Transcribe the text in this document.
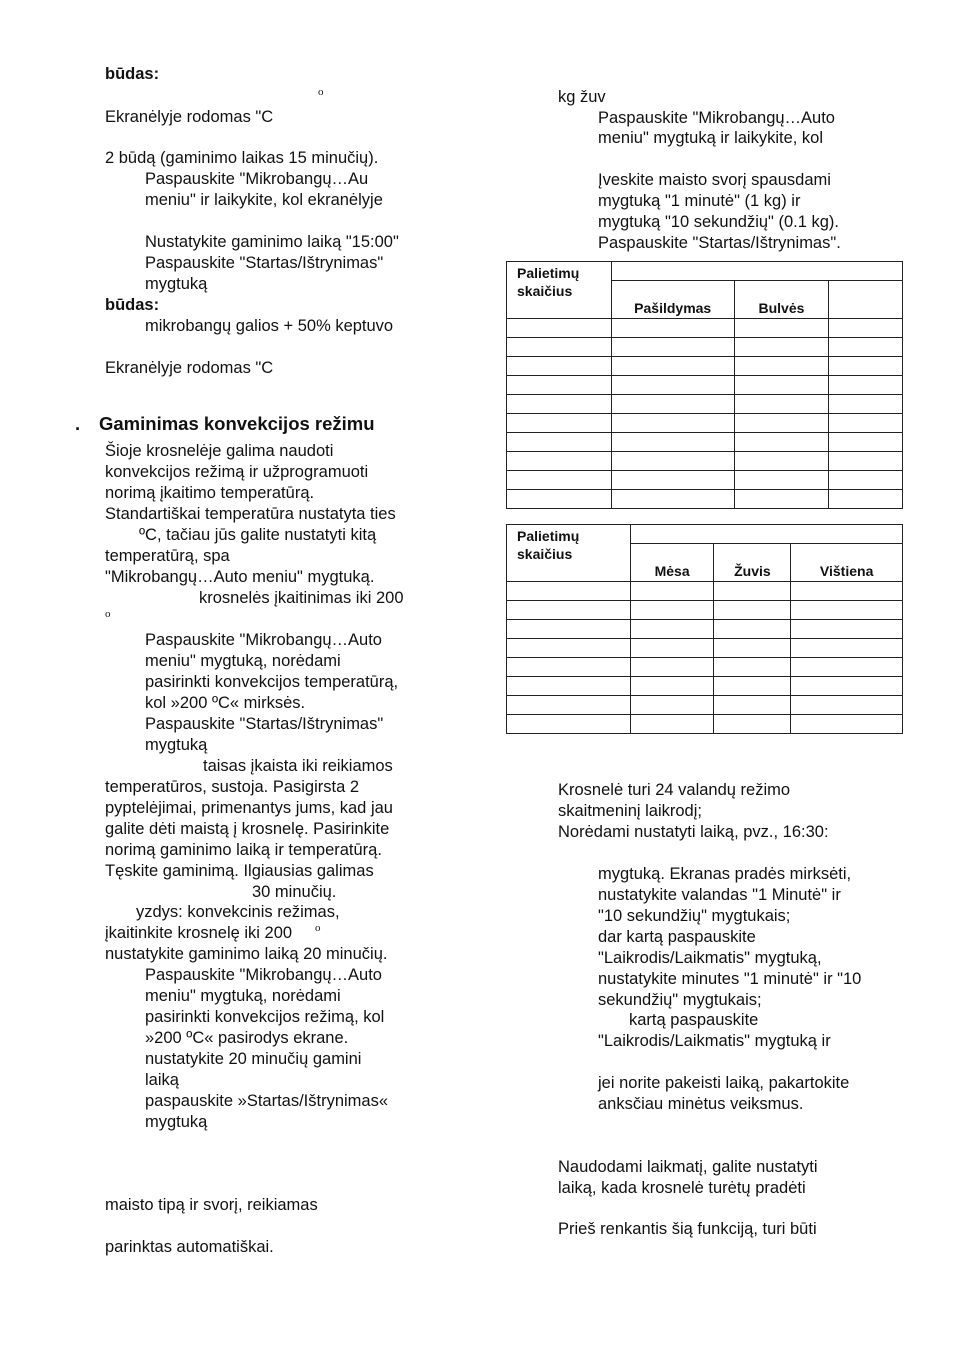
būdas:
o
Ekranėlyje rodomas "C
2 būdą (gaminimo laikas 15 minučių).
Paspauskite "Mikrobangų…Au
meniu" ir laikykite, kol ekranėlyje
Nustatykite gaminimo laiką "15:00"
Paspauskite "Startas/Ištrynimas"
mygtuką
būdas:
mikrobangų galios + 50% keptuvo
Ekranėlyje rodomas "C
. Gaminimas konvekcijos režimu
Šioje krosnelėje galima naudoti
konvekcijos režimą ir užprogramuoti
norimą įkaitimo temperatūrą.
Standartiškai temperatūra nustatyta ties
ºC, tačiau jūs galite nustatyti kitą
temperatūrą, spa
"Mikrobangų…Auto meniu" mygtuką.
krosnelės įkaitinimas iki 200
o
Paspauskite "Mikrobangų…Auto
meniu" mygtuką, norėdami
pasirinkti konvekcijos temperatūrą,
kol »200 ºC« mirksės.
Paspauskite "Startas/Ištrynimas"
mygtuką
taisas įkaista iki reikiamos
temperatūros, sustoja. Pasigirsta 2
pyptelėjimai, primenantys jums, kad jau
galite dėti maistą į krosnelę. Pasirinkite
norimą gaminimo laiką ir temperatūrą.
Tęskite gaminimą. Ilgiausias galimas
30 minučių.
yzdys: konvekcinis režimas,
įkaitinkite krosnelę iki 200 o
nustatykite gaminimo laiką 20 minučių.
Paspauskite "Mikrobangų…Auto
meniu" mygtuką, norėdami
pasirinkti konvekcijos režimą, kol
»200 ºC« pasirodys ekrane.
nustatykite 20 minučių gamini
laiką
paspauskite »Startas/Ištrynimas«
mygtuką
maisto tipą ir svorį, reikiamas
parinktas automatiškai.
kg žuv
Paspauskite "Mikrobangų…Auto
meniu" mygtuką ir laikykite, kol
Įveskite maisto svorį spausdami
mygtuką "1 minutė" (1 kg) ir
mygtuką "10 sekundžių" (0.1 kg).
Paspauskite "Startas/Ištrynimas".
Palietimų
skaičius			

	Pašildymas	Bulvės	

Palietimų
skaičius			

	Mėsa	Žuvis	Vištiena

Krosnelė turi 24 valandų režimo
skaitmeninį laikrodį;
Norėdami nustatyti laiką, pvz., 16:30:
mygtuką. Ekranas pradės mirksėti,
nustatykite valandas "1 Minutė" ir
"10 sekundžių" mygtukais;
dar kartą paspauskite
"Laikrodis/Laikmatis" mygtuką,
nustatykite minutes "1 minutė" ir "10
sekundžių" mygtukais;
kartą paspauskite
"Laikrodis/Laikmatis" mygtuką ir
jei norite pakeisti laiką, pakartokite
anksčiau minėtus veiksmus.
Naudodami laikmatį, galite nustatyti
laiką, kada krosnelė turėtų pradėti
Prieš renkantis šią funkciją, turi būti
